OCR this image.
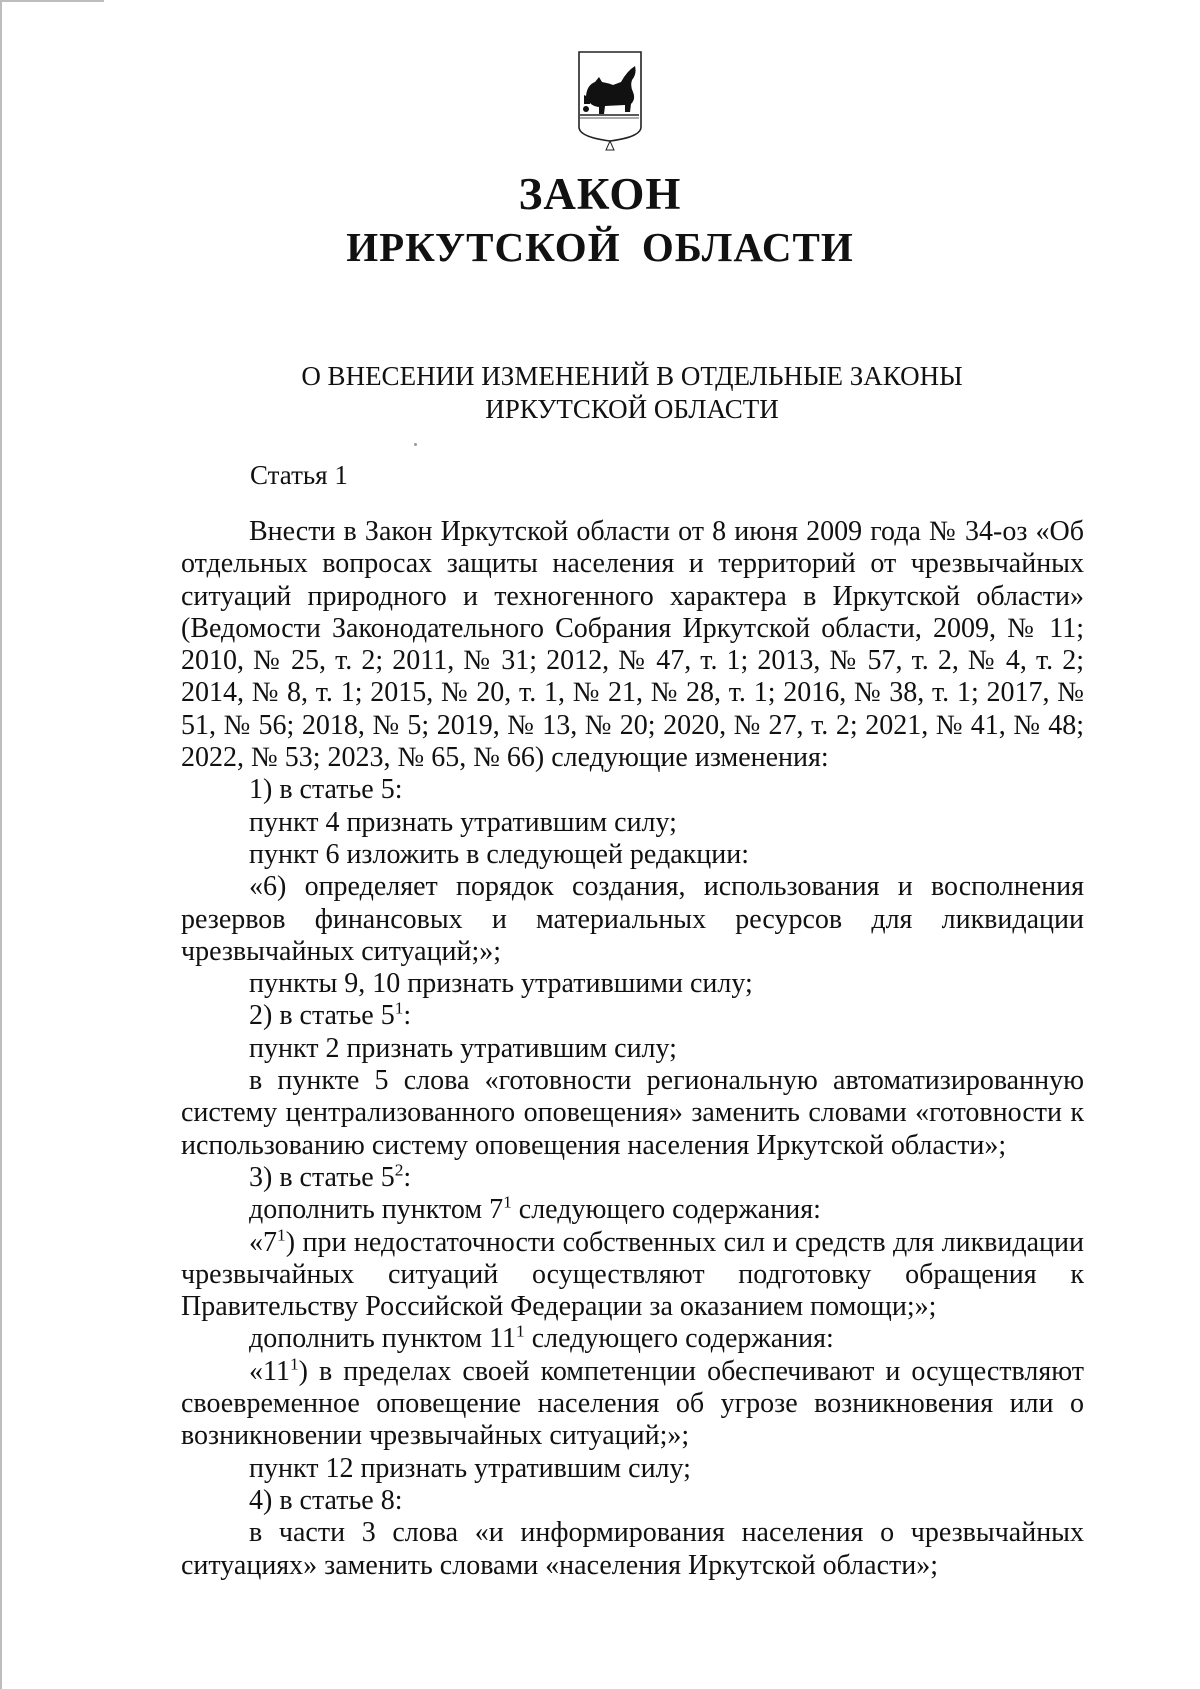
ЗАКОН
ИРКУТСКОЙ ОБЛАСТИ
О ВНЕСЕНИИ ИЗМЕНЕНИЙ В ОТДЕЛЬНЫЕ ЗАКОНЫ
ИРКУТСКОЙ ОБЛАСТИ
Статья 1

Внести в Закон Иркутской области от 8 июня 2009 года № 34-оз «Об отдельных вопросах защиты населения и территорий от чрезвычайных ситуаций природного и техногенного характера в Иркутской области» (Ведомости Законодательного Собрания Иркутской области, 2009, № 11; 2010, № 25, т. 2; 2011, № 31; 2012, № 47, т. 1; 2013, № 57, т. 2, № 4, т. 2; 2014, № 8, т. 1; 2015, № 20, т. 1, № 21, № 28, т. 1; 2016, № 38, т. 1; 2017, № 51, № 56; 2018, № 5; 2019, № 13, № 20; 2020, № 27, т. 2; 2021, № 41, № 48; 2022, № 53; 2023, № 65, № 66) следующие изменения:

1) в статье 5:

пункт 4 признать утратившим силу;

пункт 6 изложить в следующей редакции:

«6) определяет порядок создания, использования и восполнения резервов финансовых и материальных ресурсов для ликвидации чрезвычайных ситуаций;»;

пункты 9, 10 признать утратившими силу;

2) в статье $5^1$:

пункт 2 признать утратившим силу;

в пункте 5 слова «готовности региональную автоматизированную систему централизованного оповещения» заменить словами «готовности к использованию систему оповещения населения Иркутской области»;

3) в статье $5^2$:

дополнить пунктом $7^1$ следующего содержания:

«$7^1$) при недостаточности собственных сил и средств для ликвидации чрезвычайных ситуаций осуществляют подготовку обращения к Правительству Российской Федерации за оказанием помощи;»;

дополнить пунктом $11^1$ следующего содержания:

«$11^1$) в пределах своей компетенции обеспечивают и осуществляют своевременное оповещение населения об угрозе возникновения или о возникновении чрезвычайных ситуаций;»;

пункт 12 признать утратившим силу;

4) в статье 8:

в части 3 слова «и информирования населения о чрезвычайных ситуациях» заменить словами «населения Иркутской области»;
